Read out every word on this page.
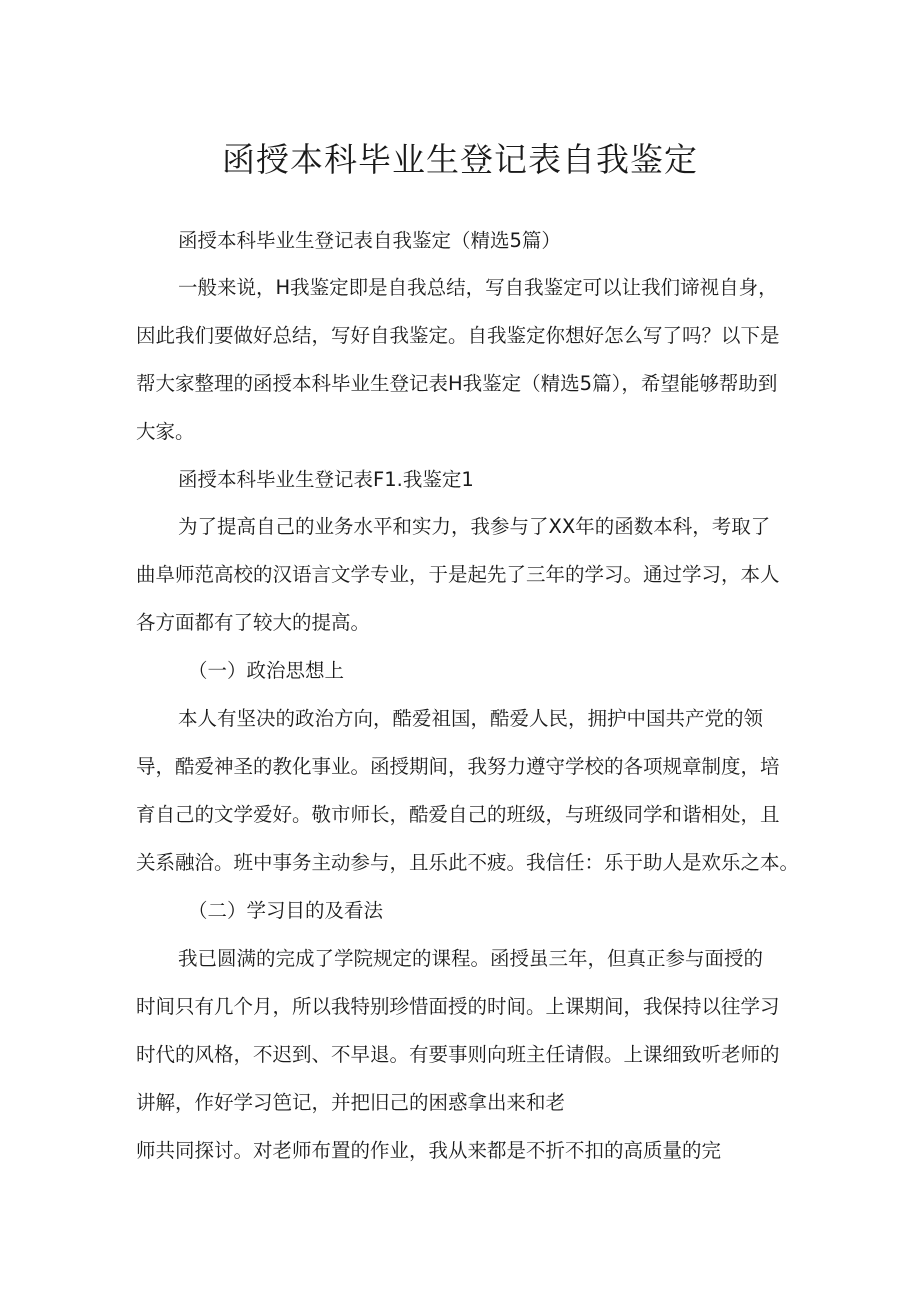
函授本科毕业生登记表自我鉴定

函授本科毕业生登记表自我鉴定（精选5篇）

一般来说，H我鉴定即是自我总结，写自我鉴定可以让我们谛视自身，

因此我们要做好总结，写好自我鉴定。自我鉴定你想好怎么写了吗？以下是

帮大家整理的函授本科毕业生登记表H我鉴定（精选5篇），希望能够帮助到

大家。

函授本科毕业生登记表F1.我鉴定1

为了提高自己的业务水平和实力，我参与了XX年的函数本科，考取了

曲阜师范高校的汉语言文学专业，于是起先了三年的学习。通过学习，本人

各方面都有了较大的提高。

（一）政治思想上

本人有坚决的政治方向，酷爱祖国，酷爱人民，拥护中国共产党的领

导，酷爱神圣的教化事业。函授期间，我努力遵守学校的各项规章制度，培

育自己的文学爱好。敬市师长，酷爱自己的班级，与班级同学和谐相处，且

关系融洽。班中事务主动参与，且乐此不疲。我信任：乐于助人是欢乐之本。

（二）学习目的及看法

我已圆满的完成了学院规定的课程。函授虽三年，但真正参与面授的

时间只有几个月，所以我特别珍惜面授的时间。上课期间，我保持以往学习

时代的风格，不迟到、不早退。有要事则向班主任请假。上课细致听老师的

讲解，作好学习笆记，并把旧己的困惑拿出来和老

师共同探讨。对老师布置的作业，我从来都是不折不扣的高质量的完
